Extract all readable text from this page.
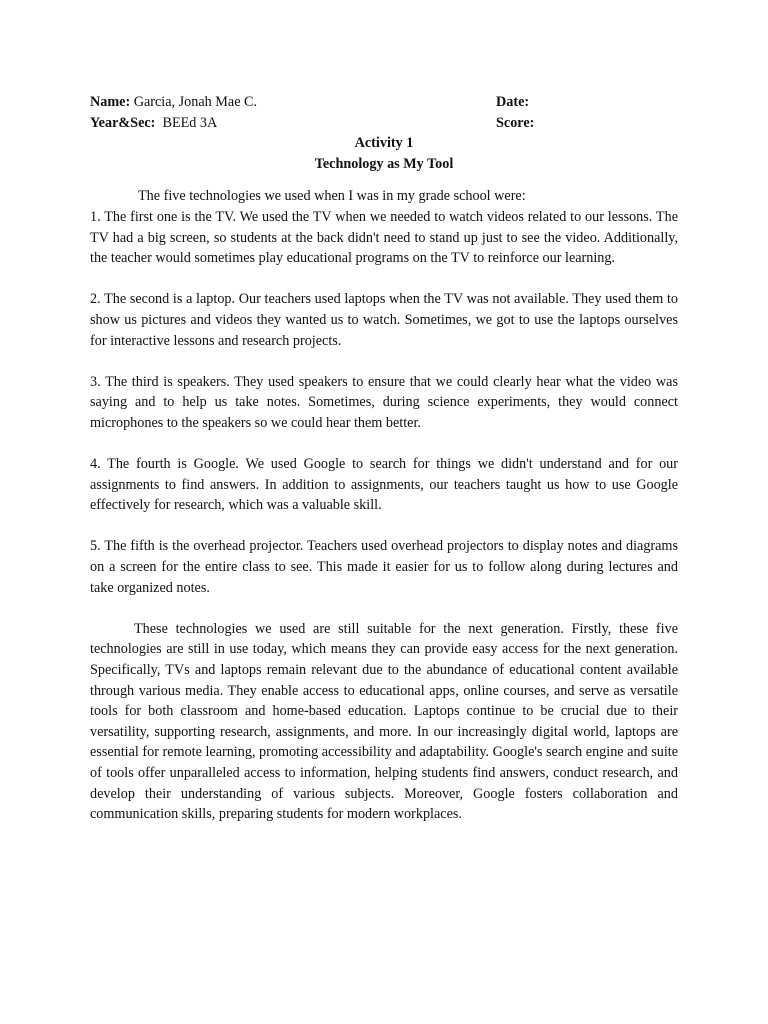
Name: Garcia, Jonah Mae C.	Date:
Year&Sec: BEEd 3A	Score:
Activity 1
Technology as My Tool

The five technologies we used when I was in my grade school were:

1. The first one is the TV. We used the TV when we needed to watch videos related to our lessons. The TV had a big screen, so students at the back didn't need to stand up just to see the video. Additionally, the teacher would sometimes play educational programs on the TV to reinforce our learning.

2. The second is a laptop. Our teachers used laptops when the TV was not available. They used them to show us pictures and videos they wanted us to watch. Sometimes, we got to use the laptops ourselves for interactive lessons and research projects.

3. The third is speakers. They used speakers to ensure that we could clearly hear what the video was saying and to help us take notes. Sometimes, during science experiments, they would connect microphones to the speakers so we could hear them better.

4. The fourth is Google. We used Google to search for things we didn't understand and for our assignments to find answers. In addition to assignments, our teachers taught us how to use Google effectively for research, which was a valuable skill.

5. The fifth is the overhead projector. Teachers used overhead projectors to display notes and diagrams on a screen for the entire class to see. This made it easier for us to follow along during lectures and take organized notes.

These technologies we used are still suitable for the next generation. Firstly, these five technologies are still in use today, which means they can provide easy access for the next generation. Specifically, TVs and laptops remain relevant due to the abundance of educational content available through various media. They enable access to educational apps, online courses, and serve as versatile tools for both classroom and home-based education. Laptops continue to be crucial due to their versatility, supporting research, assignments, and more. In our increasingly digital world, laptops are essential for remote learning, promoting accessibility and adaptability. Google's search engine and suite of tools offer unparalleled access to information, helping students find answers, conduct research, and develop their understanding of various subjects. Moreover, Google fosters collaboration and communication skills, preparing students for modern workplaces.
